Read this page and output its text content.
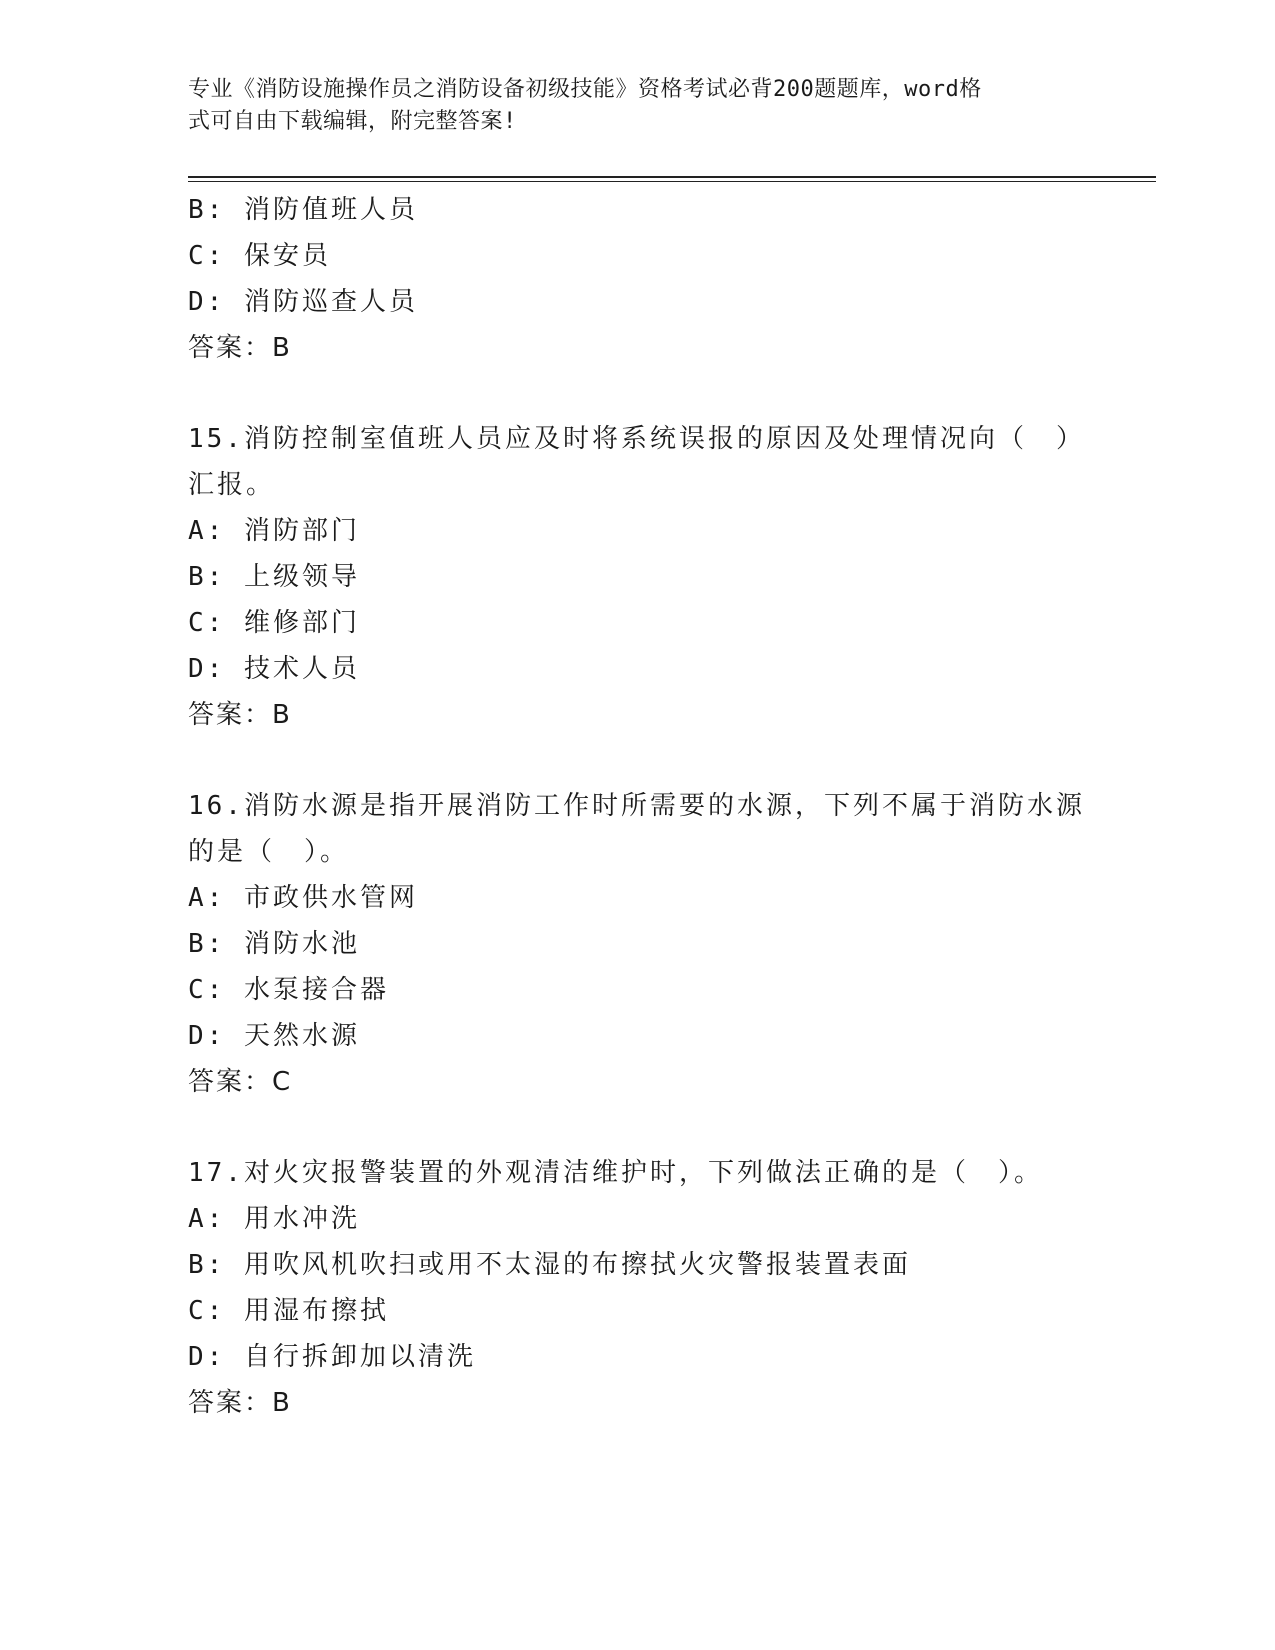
专业《消防设施操作员之消防设备初级技能》资格考试必背200题题库，word格
式可自由下载编辑，附完整答案!
B: 消防值班人员
C: 保安员
D: 消防巡查人员
答案：B
15.消防控制室值班人员应及时将系统误报的原因及处理情况向（　）
汇报。
A: 消防部门
B: 上级领导
C: 维修部门
D: 技术人员
答案：B
16.消防水源是指开展消防工作时所需要的水源，下列不属于消防水源
的是（　）。
A: 市政供水管网
B: 消防水池
C: 水泵接合器
D: 天然水源
答案：C
17.对火灾报警装置的外观清洁维护时，下列做法正确的是（　）。
A: 用水冲洗
B: 用吹风机吹扫或用不太湿的布擦拭火灾警报装置表面
C: 用湿布擦拭
D: 自行拆卸加以清洗
答案：B
